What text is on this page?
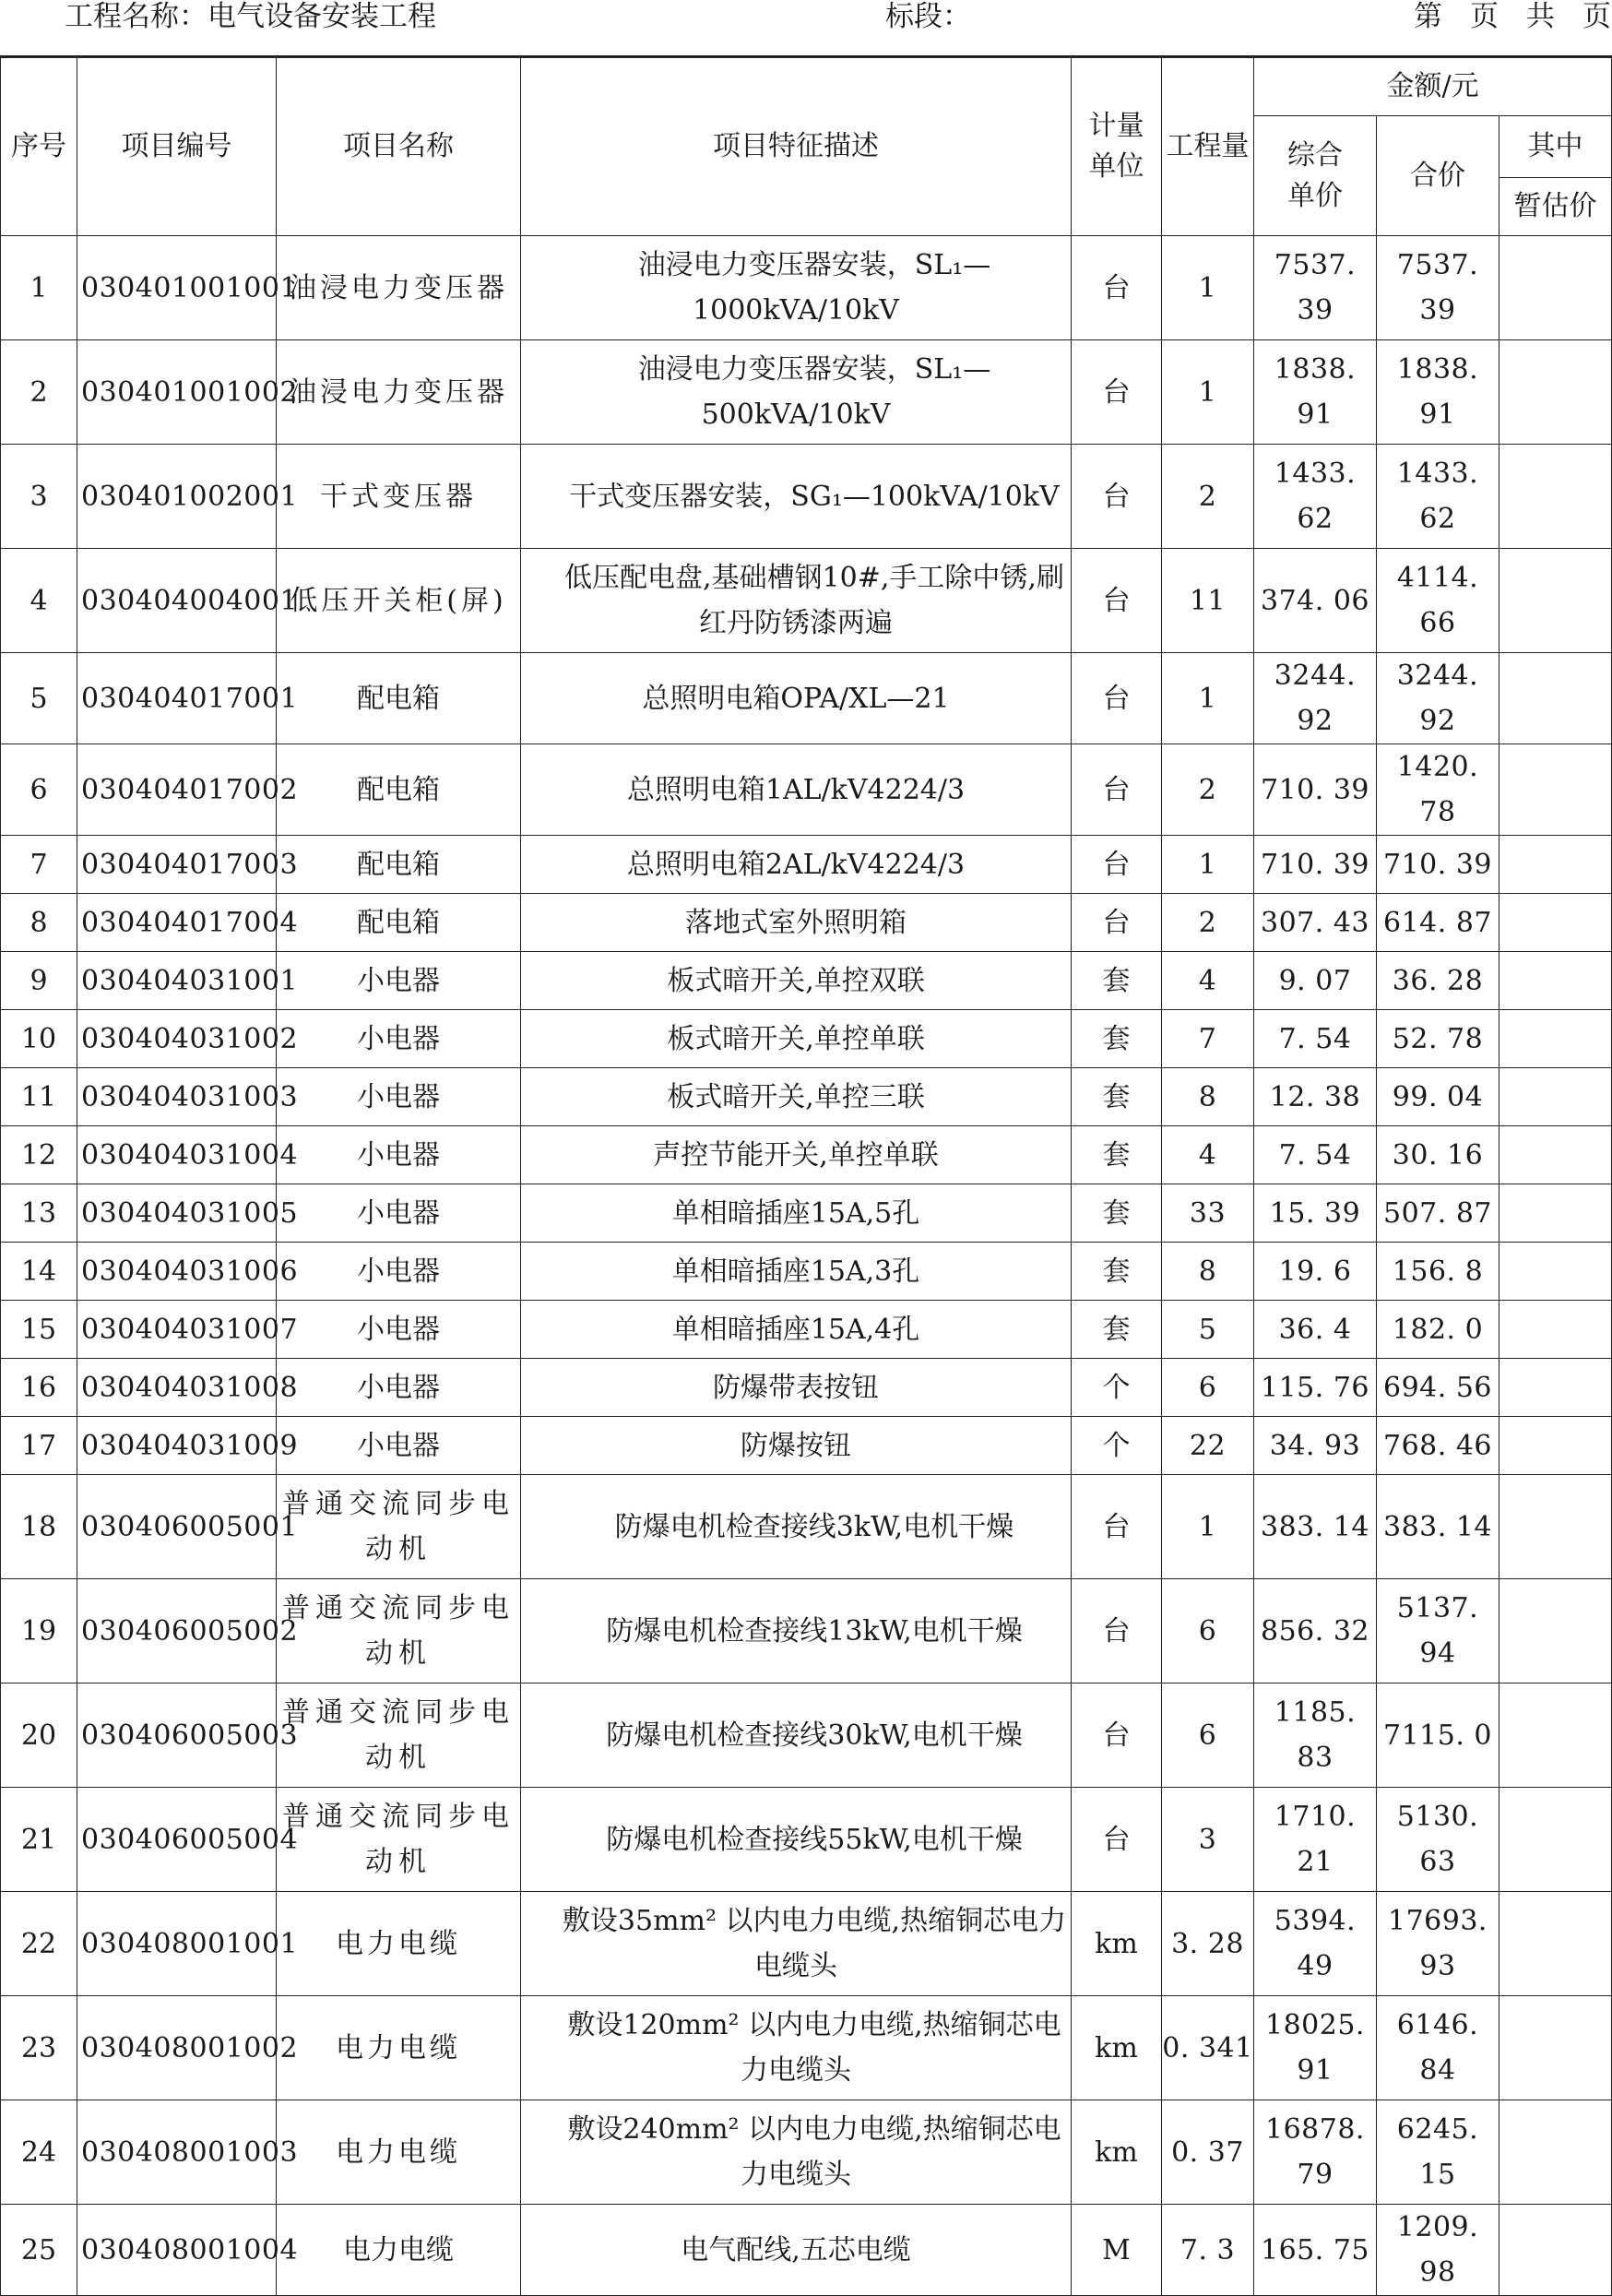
工程名称：电气设备安装工程	标段：	第 页 共 页
序号	项目编号	项目名称	项目特征描述	计量单位	工程量	金额/元		
						综合单价	合价	其中
								暂估价
1	030401001001	油浸电力变压器	油浸电力变压器安装，SL₁—1000kVA/10kV	台	1	7537. 39	7537. 39	
2	030401001002	油浸电力变压器	油浸电力变压器安装，SL₁—500kVA/10kV	台	1	1838. 91	1838. 91	
3	030401002001	干式变压器	干式变压器安装，SG₁—100kVA/10kV	台	2	1433. 62	1433. 62	
4	030404004001	低压开关柜(屏)	低压配电盘,基础槽钢10#,手工除中锈,刷红丹防锈漆两遍	台	11	374. 06	4114. 66	
5	030404017001	配电箱	总照明电箱OPA/XL—21	台	1	3244. 92	3244. 92	
6	030404017002	配电箱	总照明电箱1AL/kV4224/3	台	2	710. 39	1420. 78	
7	030404017003	配电箱	总照明电箱2AL/kV4224/3	台	1	710. 39	710. 39	
8	030404017004	配电箱	落地式室外照明箱	台	2	307. 43	614. 87	
9	030404031001	小电器	板式暗开关,单控双联	套	4	9. 07	36. 28	
10	030404031002	小电器	板式暗开关,单控单联	套	7	7. 54	52. 78	
11	030404031003	小电器	板式暗开关,单控三联	套	8	12. 38	99. 04	
12	030404031004	小电器	声控节能开关,单控单联	套	4	7. 54	30. 16	
13	030404031005	小电器	单相暗插座15A,5孔	套	33	15. 39	507. 87	
14	030404031006	小电器	单相暗插座15A,3孔	套	8	19. 6	156. 8	
15	030404031007	小电器	单相暗插座15A,4孔	套	5	36. 4	182. 0	
16	030404031008	小电器	防爆带表按钮	个	6	115. 76	694. 56	
17	030404031009	小电器	防爆按钮	个	22	34. 93	768. 46	
18	030406005001	普通交流同步电动机	防爆电机检查接线3kW,电机干燥	台	1	383. 14	383. 14	
19	030406005002	普通交流同步电动机	防爆电机检查接线13kW,电机干燥	台	6	856. 32	5137. 94	
20	030406005003	普通交流同步电动机	防爆电机检查接线30kW,电机干燥	台	6	1185. 83	7115. 0	
21	030406005004	普通交流同步电动机	防爆电机检查接线55kW,电机干燥	台	3	1710. 21	5130. 63	
22	030408001001	电力电缆	敷设35mm² 以内电力电缆,热缩铜芯电力电缆头	km	3. 28	5394. 49	17693. 93	
23	030408001002	电力电缆	敷设120mm² 以内电力电缆,热缩铜芯电力电缆头	km	0. 341	18025. 91	6146. 84	
24	030408001003	电力电缆	敷设240mm² 以内电力电缆,热缩铜芯电力电缆头	km	0. 37	16878. 79	6245. 15	
25	030408001004	电力电缆	电气配线,五芯电缆	M	7. 3	165. 75	1209. 98	
